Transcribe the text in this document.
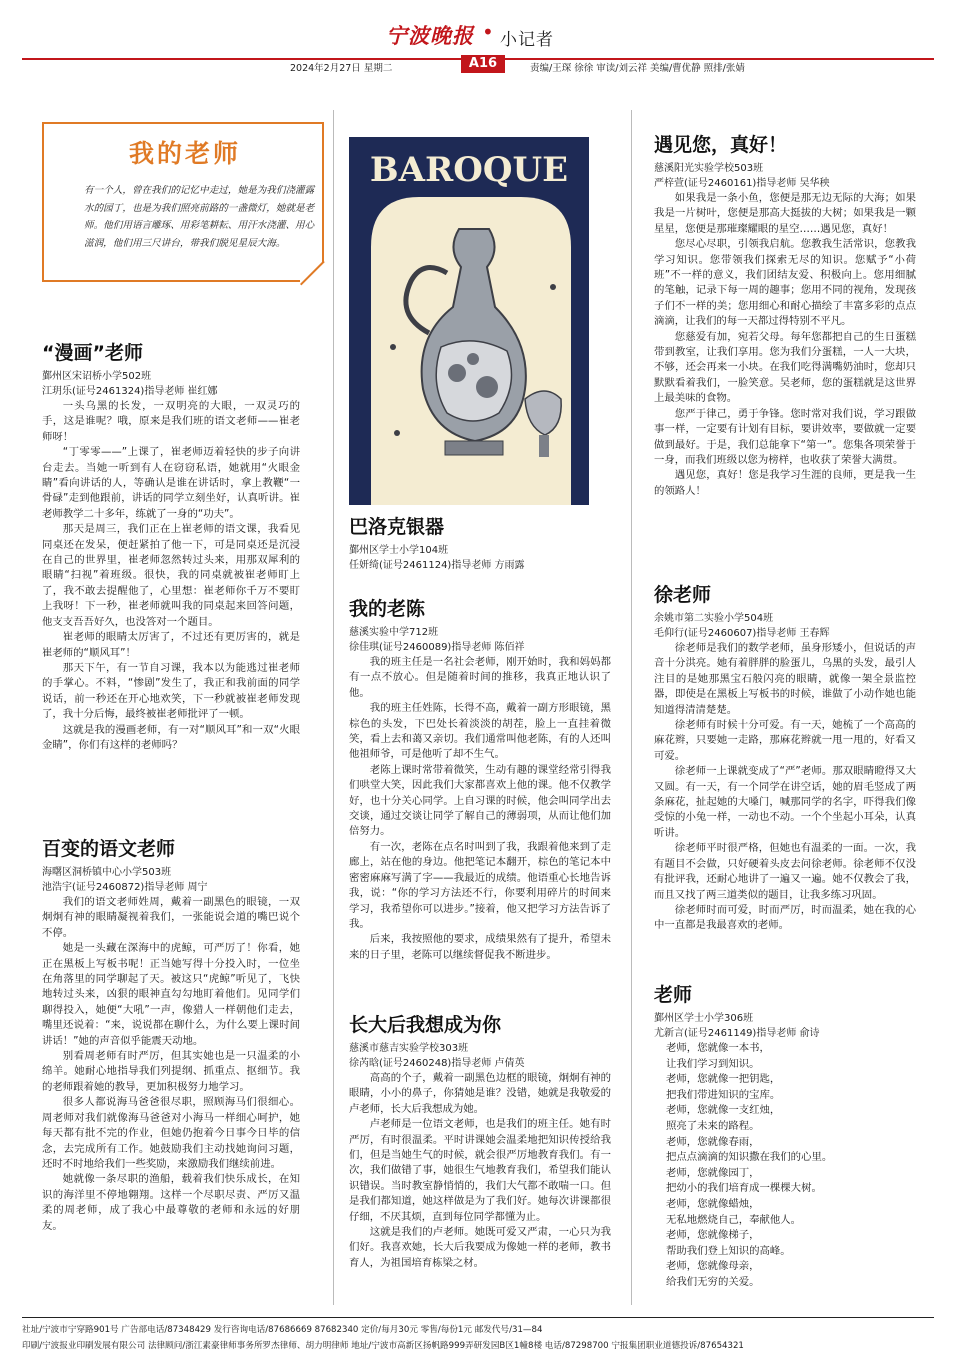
宁波晚报 • 小记者
2024年2月27日 星期二	A16	责编/王琛 徐徐 审读/刘云祥 美编/曹优静 照排/张婧
我的老师
有一个人，曾在我们的记忆中走过，她是为我们浇灌露水的园丁，也是为我们照亮前路的一盏微灯，她就是老师。他们用语言雕琢、用彩笔耕耘、用汗水浇灌、用心滋润，他们用三尺讲台，带我们脱见星辰大海。
“漫画”老师

鄞州区宋诏桥小学502班

江玥乐(证号2461324)指导老师 崔红娜

一头乌黑的长发，一双明亮的大眼，一双灵巧的手，这是谁呢？哦，原来是我们班的语文老师——崔老师呀！

“丁零零——”上课了，崔老师迈着轻快的步子向讲台走去。当她一听到有人在窃窃私语，她就用“火眼金睛”看向讲话的人，等确认是谁在讲话时，拿上教鞭“一骨碌”走到他跟前，讲话的同学立刻坐好，认真听讲。崔老师教学二十多年，练就了一身的“功夫”。

那天是周三，我们正在上崔老师的语文课，我看见同桌还在发呆，便赶紧拍了他一下，可是同桌还是沉浸在自己的世界里，崔老师忽然转过头来，用那双犀利的眼睛“扫视”着班级。很快，我的同桌就被崔老师盯上了，我不敢去提醒他了，心里想：崔老师你千万不要盯上我呀！下一秒，崔老师就叫我的同桌起来回答问题，他支支吾吾好久，也没答对一个题目。

崔老师的眼睛太厉害了，不过还有更厉害的，就是崔老师的“顺风耳”！

那天下午，有一节自习课，我本以为能逃过崔老师的手掌心。不料，“惨剧”发生了，我正和我前面的同学说话，前一秒还在开心地欢笑，下一秒就被崔老师发现了，我十分后悔，最终被崔老师批评了一顿。

这就是我的漫画老师，有一对“顺风耳”和一双“火眼金睛”，你们有这样的老师吗？

百变的语文老师

海曙区洞桥镇中心小学503班

池浩宇(证号2460872)指导老师 周宁

我们的语文老师姓周，戴着一副黑色的眼镜，一双炯炯有神的眼睛凝视着我们，一张能说会道的嘴巴说个不停。

她是一头藏在深海中的虎鲸，可严厉了！你看，她正在黑板上写板书呢！正当她写得十分投入时，一位坐在角落里的同学聊起了天。被这只“虎鲸”听见了，飞快地转过头来，凶狠的眼神直勾勾地盯着他们。见同学们聊得投入，她便“大吼”一声，像猎人一样朝他们走去，嘴里还说着：“来，说说都在聊什么，为什么要上课时间讲话！”她的声音似乎能震天动地。

别看周老师有时严厉，但其实她也是一只温柔的小绵羊。她耐心地指导我们列提纲、抓重点、抠细节。我的老师跟着她的教导，更加积极努力地学习。

很多人都说海马爸爸很尽职，照顾海马们很细心。周老师对我们就像海马爸爸对小海马一样细心呵护，她每天都有批不完的作业，但她仍抱着今日事今日毕的信念，去完成所有工作。她鼓励我们主动找她询问习题，还时不时地给我们一些奖励，来激励我们继续前进。

她就像一条尽职的渔船，载着我们快乐成长，在知识的海洋里不停地翱翔。这样一个尽职尽责、严厉又温柔的周老师，成了我心中最尊敬的老师和永远的好朋友。

BAROQUE
巴洛克银器

鄞州区学士小学104班

任妍绮(证号2461124)指导老师 方雨露

我的老陈

慈溪实验中学712班

徐佳琪(证号2460089)指导老师 陈佰祥

我的班主任是一名社会老师，刚开始时，我和妈妈都有一点不放心。但是随着时间的推移，我真正地认识了他。

我的班主任姓陈，长得不高，戴着一副方形眼镜，黑棕色的头发，下巴处长着淡淡的胡茬，脸上一直挂着微笑，看上去和蔼又亲切。我们通常叫他老陈，有的人还叫他祖师爷，可是他听了却不生气。

老陈上课时常带着微笑，生动有趣的课堂经常引得我们哄堂大笑，因此我们大家都喜欢上他的课。他不仅教学好，也十分关心同学。上自习课的时候，他会叫同学出去交谈，通过交谈让同学了解自己的薄弱项，从而让他们加倍努力。

有一次，老陈在点名时叫到了我，我跟着他来到了走廊上，站在他的身边。他把笔记本翻开，棕色的笔记本中密密麻麻写满了字——我最近的成绩。他语重心长地告诉我，说：“你的学习方法还不行，你要利用碎片的时间来学习，我希望你可以进步。”接着，他又把学习方法告诉了我。

后来，我按照他的要求，成绩果然有了提升，希望未来的日子里，老陈可以继续督促我不断进步。

长大后我想成为你

慈溪市慈吉实验学校303班

徐芮晗(证号2460248)指导老师 卢倩英

高高的个子，戴着一副黑色边框的眼镜，炯炯有神的眼睛，小小的鼻子，你猜她是谁？没错，她就是我敬爱的卢老师，长大后我想成为她。

卢老师是一位语文老师，也是我们的班主任。她有时严厉，有时很温柔。平时讲课她会温柔地把知识传授给我们，但是当她生气的时候，就会很严厉地教育我们。有一次，我们做错了事，她很生气地教育我们，希望我们能认识错误。当时教室静悄悄的，我们大气都不敢喘一口。但是我们都知道，她这样做是为了我们好。她每次讲课都很仔细，不厌其烦，直到每位同学都懂为止。

这就是我们的卢老师。她既可爱又严肃，一心只为我们好。我喜欢她，长大后我要成为像她一样的老师，教书育人，为祖国培育栋梁之材。

遇见您，真好！

慈溪阳光实验学校503班

严梓萱(证号2460161)指导老师 吴华秧

如果我是一条小鱼，您便是那无边无际的大海；如果我是一片树叶，您便是那高大挺拔的大树；如果我是一颗星星，您便是那璀璨耀眼的星空……遇见您，真好！

您尽心尽职，引领我启航。您教我生活常识，您教我学习知识。您带领我们探索无尽的知识。您赋予“小荷班”不一样的意义，我们团结友爱、积极向上。您用细腻的笔触，记录下每一周的趣事；您用不同的视角，发现孩子们不一样的美；您用细心和耐心描绘了丰富多彩的点点滴滴，让我们的每一天都过得特别不平凡。

您慈爱有加，宛若父母。每年您都把自己的生日蛋糕带到教室，让我们享用。您为我们分蛋糕，一人一大块，不够，还会再来一小块。在我们吃得满嘴奶油时，您却只默默看着我们，一脸笑意。吴老师，您的蛋糕就是这世界上最美味的食物。

您严于律己，勇于争锋。您时常对我们说，学习跟做事一样，一定要有计划有目标，要讲效率，要做就一定要做到最好。于是，我们总能拿下“第一”。您集各项荣誉于一身，而我们班级以您为榜样，也收获了荣誉大满贯。

遇见您，真好！您是我学习生涯的良师，更是我一生的领路人！

徐老师

余姚市第二实验小学504班

毛仰行(证号2460607)指导老师 王春辉

徐老师是我们的数学老师，虽身形矮小，但说话的声音十分洪亮。她有着胖胖的脸蛋儿，乌黑的头发，最引人注目的是她那黑宝石般闪亮的眼睛，就像一架全景监控器，即使是在黑板上写板书的时候，谁做了小动作她也能知道得清清楚楚。

徐老师有时候十分可爱。有一天，她梳了一个高高的麻花辫，只要她一走路，那麻花辫就一甩一甩的，好看又可爱。

徐老师一上课就变成了“严”老师。那双眼睛瞪得又大又圆。有一天，有一个同学在讲空话，她的眉毛竖成了两条麻花，扯起她的大嗓门，喊那同学的名字，吓得我们像受惊的小兔一样，一动也不动。一个个坐起小耳朵，认真听讲。

徐老师平时很严格，但她也有温柔的一面。一次，我有题目不会做，只好硬着头皮去问徐老师。徐老师不仅没有批评我，还耐心地讲了一遍又一遍。她不仅教会了我，而且又找了两三道类似的题目，让我多练习巩固。

徐老师时而可爱，时而严厉，时而温柔，她在我的心中一直都是我最喜欢的老师。

老师

鄞州区学士小学306班

尤新言(证号2461149)指导老师 俞诗

老师，您就像一本书，

让我们学习到知识。

老师，您就像一把钥匙，

把我们带进知识的宝库。

老师，您就像一支红烛，

照亮了未来的路程。

老师，您就像春雨，

把点点滴滴的知识撒在我们的心里。

老师，您就像园丁，

把幼小的我们培育成一棵棵大树。

老师，您就像蜡烛，

无私地燃烧自己，奉献他人。

老师，您就像梯子，

帮助我们登上知识的高峰。

老师，您就像母亲，

给我们无穷的关爱。

社址/宁波市宁穿路901号 广告部电话/87348429 发行咨询电话/87686669 87682340 定价/每月30元 零售/每份1元 邮发代号/31—84
印刷/宁波报业印刷发展有限公司 法律顾问/浙江素豪律师事务所罗杰律师、胡力明律师 地址/宁波市高新区扬帆路999弄研发园B区1幢8楼 电话/87298700 宁报集团职业道德投诉/87654321
